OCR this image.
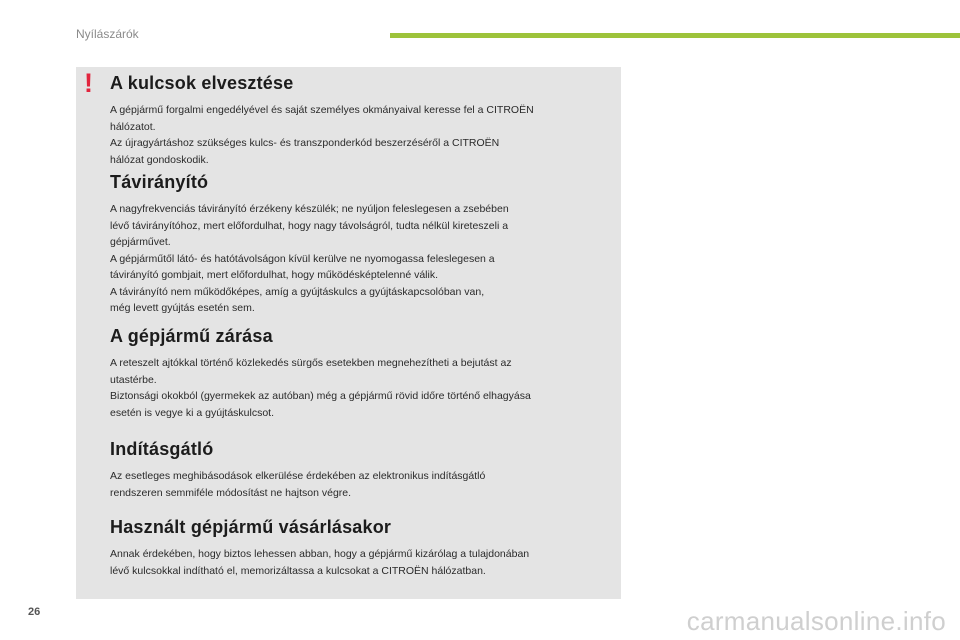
Nyílászárók
! A kulcsok elvesztése

A gépjármű forgalmi engedélyével és saját személyes okmányaival keresse fel a CITROËN
hálózatot.
Az újragyártáshoz szükséges kulcs- és transzponderkód beszerzéséről a CITROËN
hálózat gondoskodik.

Távirányító

A nagyfrekvenciás távirányító érzékeny készülék; ne nyúljon feleslegesen a zsebében
lévő távirányítóhoz, mert előfordulhat, hogy nagy távolságról, tudta nélkül kireteszeli a
gépjárművet.
A gépjárműtől látó- és hatótávolságon kívül kerülve ne nyomogassa feleslegesen a
távirányító gombjait, mert előfordulhat, hogy működésképtelenné válik.
A távirányító nem működőképes, amíg a gyújtáskulcs a gyújtáskapcsolóban van,
még levett gyújtás esetén sem.

A gépjármű zárása

A reteszelt ajtókkal történő közlekedés sürgős esetekben megnehezítheti a bejutást az
utastérbe.
Biztonsági okokból (gyermekek az autóban) még a gépjármű rövid időre történő elhagyása
esetén is vegye ki a gyújtáskulcsot.

Indításgátló

Az esetleges meghibásodások elkerülése érdekében az elektronikus indításgátló
rendszeren semmiféle módosítást ne hajtson végre.

Használt gépjármű vásárlásakor

Annak érdekében, hogy biztos lehessen abban, hogy a gépjármű kizárólag a tulajdonában
lévő kulcsokkal indítható el, memorizáltassa a kulcsokat a CITROËN hálózatban.

26	carmanualsonline.info
